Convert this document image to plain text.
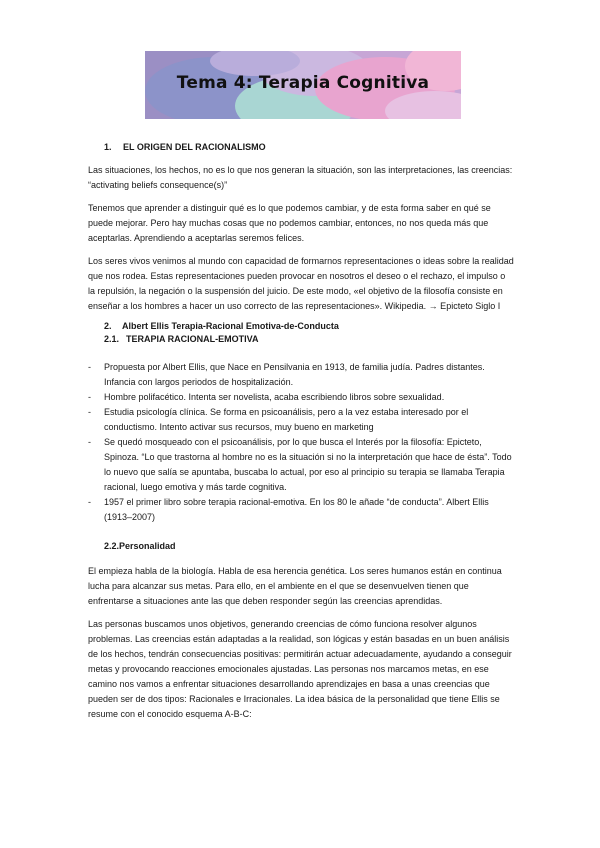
Tema 4: Terapia Cognitiva
1. EL ORIGEN DEL RACIONALISMO

Las situaciones, los hechos, no es lo que nos generan la situación, son las interpretaciones, las creencias: “activating beliefs consequence(s)”

Tenemos que aprender a distinguir qué es lo que podemos cambiar, y de esta forma saber en qué se puede mejorar. Pero hay muchas cosas que no podemos cambiar, entonces, no nos queda más que aceptarlas. Aprendiendo a aceptarlas seremos felices.

Los seres vivos venimos al mundo con capacidad de formarnos representaciones o ideas sobre la realidad que nos rodea. Estas representaciones pueden provocar en nosotros el deseo o el rechazo, el impulso o la repulsión, la negación o la suspensión del juicio. De este modo, «el objetivo de la filosofía consiste en enseñar a los hombres a hacer un uso correcto de las representaciones». Wikipedia. → Epicteto Siglo I

2. Albert Ellis Terapia-Racional Emotiva-de-Conducta
2.1. TERAPIA RACIONAL-EMOTIVA
- Propuesta por Albert Ellis, que Nace en Pensilvania en 1913, de familia judía. Padres distantes. Infancia con largos periodos de hospitalización.
- Hombre polifacético. Intenta ser novelista, acaba escribiendo libros sobre sexualidad.
- Estudia psicología clínica. Se forma en psicoanálisis, pero a la vez estaba interesado por el conductismo. Intento activar sus recursos, muy bueno en marketing
- Se quedó mosqueado con el psicoanálisis, por lo que busca el Interés por la filosofía: Epicteto, Spinoza. “Lo que trastorna al hombre no es la situación si no la interpretación que hace de ésta”. Todo lo nuevo que salía se apuntaba, buscaba lo actual, por eso al principio su terapia se llamaba Terapia racional, luego emotiva y más tarde cognitiva.
- 1957 el primer libro sobre terapia racional-emotiva. En los 80 le añade “de conducta”. Albert Ellis (1913–2007)
2.2.Personalidad

El empieza habla de la biología. Habla de esa herencia genética. Los seres humanos están en continua lucha para alcanzar sus metas. Para ello, en el ambiente en el que se desenvuelven tienen que enfrentarse a situaciones ante las que deben responder según las creencias aprendidas.

Las personas buscamos unos objetivos, generando creencias de cómo funciona resolver algunos problemas. Las creencias están adaptadas a la realidad, son lógicas y están basadas en un buen análisis de los hechos, tendrán consecuencias positivas: permitirán actuar adecuadamente, ayudando a conseguir metas y provocando reacciones emocionales ajustadas. Las personas nos marcamos metas, en ese camino nos vamos a enfrentar situaciones desarrollando aprendizajes en basa a unas creencias que pueden ser de dos tipos: Racionales e Irracionales. La idea básica de la personalidad que tiene Ellis se resume con el conocido esquema A-B-C:
